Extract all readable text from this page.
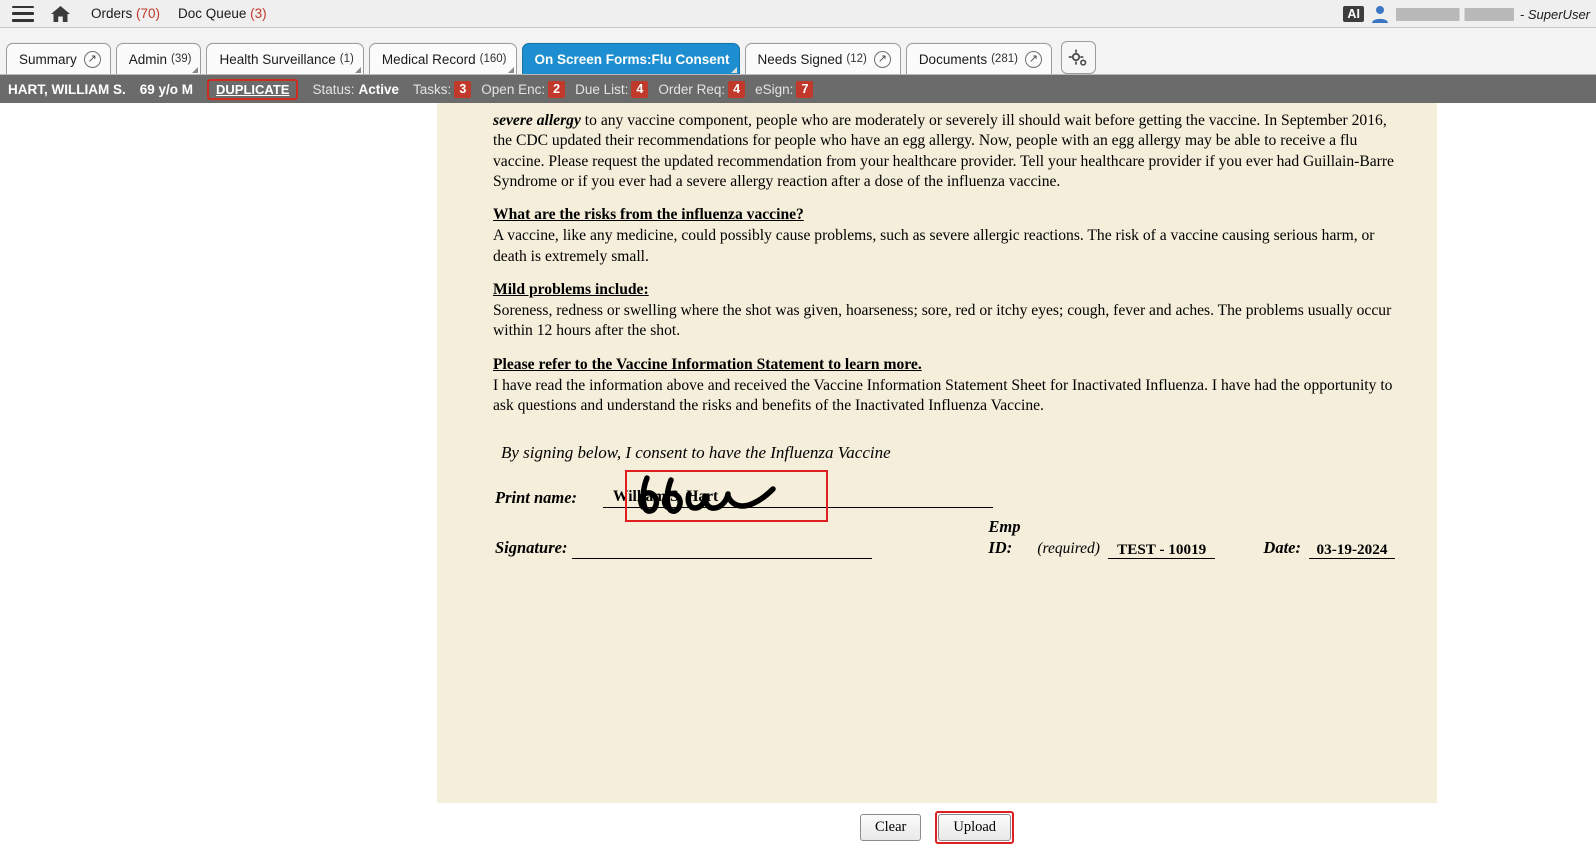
Orders (70) Doc Queue (3)	AI	- SuperUser
Summary ↗ Admin (39) Health Surveillance (1) Medical Record (160) On Screen Forms:Flu Consent Needs Signed (12) ↗ Documents (281) ↗
HART, WILLIAM S. 69 y/o M	DUPLICATE	Status: Active Tasks: 3	Open Enc: 2	Due List: 4	Order Req: 4	eSign: 7
severe allergy to any vaccine component, people who are moderately or severely ill should wait before getting the vaccine. In September 2016, the CDC updated their recommendations for people who have an egg allergy. Now, people with an egg allergy may be able to receive a flu vaccine. Please request the updated recommendation from your healthcare provider. Tell your healthcare provider if you ever had Guillain-Barre Syndrome or if you ever had a severe allergy reaction after a dose of the influenza vaccine.
What are the risks from the influenza vaccine?
A vaccine, like any medicine, could possibly cause problems, such as severe allergic reactions. The risk of a vaccine causing serious harm, or death is extremely small.
Mild problems include:
Soreness, redness or swelling where the shot was given, hoarseness; sore, red or itchy eyes; cough, fever and aches. The problems usually occur within 12 hours after the shot.
Please refer to the Vaccine Information Statement to learn more.
I have read the information above and received the Vaccine Information Statement Sheet for Inactivated Influenza. I have had the opportunity to ask questions and understand the risks and benefits of the Inactivated Influenza Vaccine.
By signing below, I consent to have the Influenza Vaccine
Print name:	William S. Hart
Signature:
Emp ID:	(required)	TEST - 10019	Date:	03-19-2024
Clear	Upload
